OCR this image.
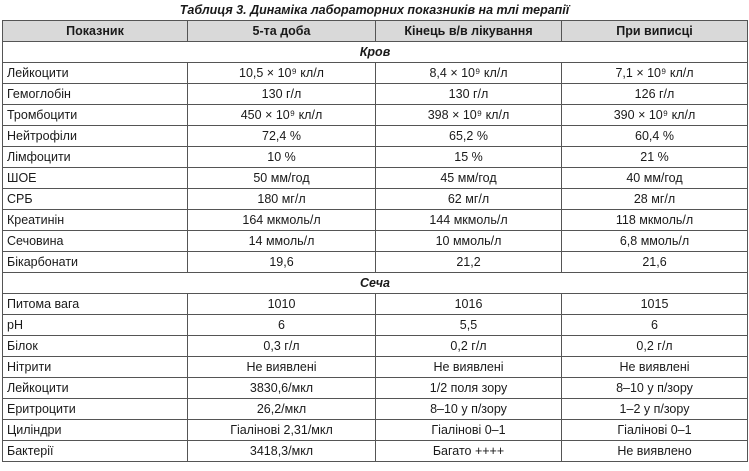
Таблиця 3. Динаміка лабораторних показників на тлі терапії
Показник	5-та доба	Кінець в/в лікування	При виписці
Кров			
Лейкоцити	10,5 × 10⁹ кл/л	8,4 × 10⁹ кл/л	7,1 × 10⁹ кл/л
Гемоглобін	130 г/л	130 г/л	126 г/л
Тромбоцити	450 × 10⁹ кл/л	398 × 10⁹ кл/л	390 × 10⁹ кл/л
Нейтрофіли	72,4 %	65,2 %	60,4 %
Лімфоцити	10 %	15 %	21 %
ШОЕ	50 мм/год	45 мм/год	40 мм/год
СРБ	180 мг/л	62 мг/л	28 мг/л
Креатинін	164 мкмоль/л	144 мкмоль/л	118 мкмоль/л
Сечовина	14 ммоль/л	10 ммоль/л	6,8 ммоль/л
Бікарбонати	19,6	21,2	21,6
Сеча			
Питома вага	1010	1016	1015
pH	6	5,5	6
Білок	0,3 г/л	0,2 г/л	0,2 г/л
Нітрити	Не виявлені	Не виявлені	Не виявлені
Лейкоцити	3830,6/мкл	1/2 поля зору	8–10 у п/зору
Еритроцити	26,2/мкл	8–10 у п/зору	1–2 у п/зору
Циліндри	Гіалінові 2,31/мкл	Гіалінові 0–1	Гіалінові 0–1
Бактерії	3418,3/мкл	Багато ++++	Не виявлено
